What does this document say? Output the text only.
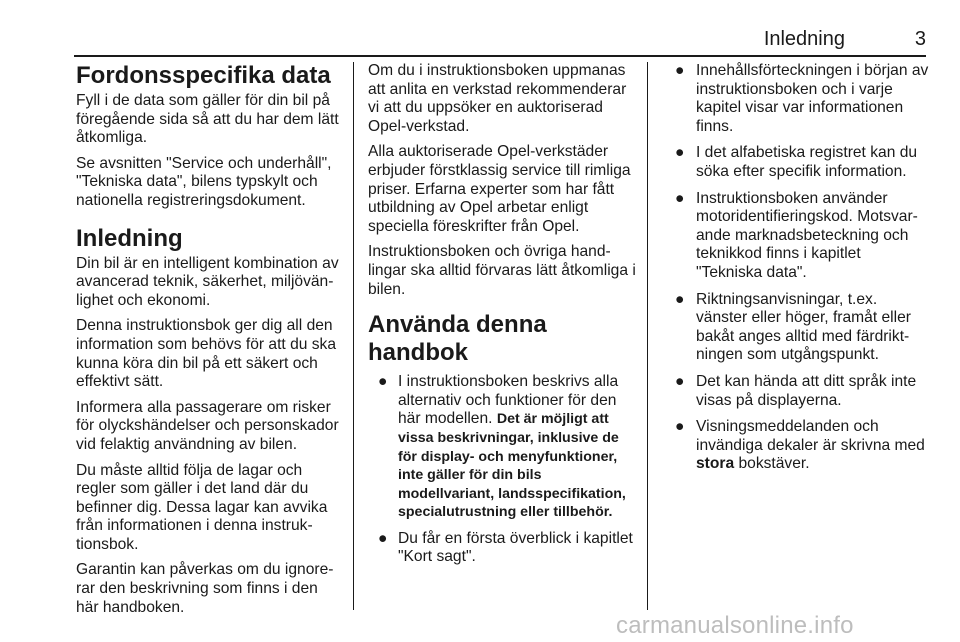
Inledning	3
Fordonsspecifika data

Fyll i de data som gäller för din bil på föregående sida så att du har dem lätt åtkomliga.

Se avsnitten "Service och underhåll", "Tekniska data", bilens typskylt och nationella registreringsdokument.

Inledning

Din bil är en intelligent kombination av avancerad teknik, säkerhet, miljövänlighet och ekonomi.

Denna instruktionsbok ger dig all den information som behövs för att du ska kunna köra din bil på ett säkert och effektivt sätt.

Informera alla passagerare om risker för olyckshändelser och personskador vid felaktig användning av bilen.

Du måste alltid följa de lagar och regler som gäller i det land där du befinner dig. Dessa lagar kan avvika från informationen i denna instruktionsbok.

Garantin kan påverkas om du ignorerar den beskrivning som finns i den här handboken.

Om du i instruktionsboken uppmanas att anlita en verkstad rekommenderar vi att du uppsöker en auktoriserad Opel-verkstad.

Alla auktoriserade Opel-verkstäder erbjuder förstklassig service till rimliga priser. Erfarna experter som har fått utbildning av Opel arbetar enligt speciella föreskrifter från Opel.

Instruktionsboken och övriga handlingar ska alltid förvaras lätt åtkomliga i bilen.

Använda denna handbok
● I instruktionsboken beskrivs alla alternativ och funktioner för den här modellen. Det är möjligt att vissa beskrivningar, inklusive de för display- och menyfunktioner, inte gäller för din bils modellvariant, landsspecifikation, specialutrustning eller tillbehör.
● Du får en första överblick i kapitlet "Kort sagt".
● Innehållsförteckningen i början av instruktionsboken och i varje kapitel visar var informationen finns.
● I det alfabetiska registret kan du söka efter specifik information.
● Instruktionsboken använder motoridentifieringskod. Motsvarande marknadsbeteckning och teknikkod finns i kapitlet "Tekniska data".
● Riktningsanvisningar, t.ex. vänster eller höger, framåt eller bakåt anges alltid med färdriktningen som utgångspunkt.
● Det kan hända att ditt språk inte visas på displayerna.
● Visningsmeddelanden och invändiga dekaler är skrivna med stora bokstäver.
carmanualsonline.info
